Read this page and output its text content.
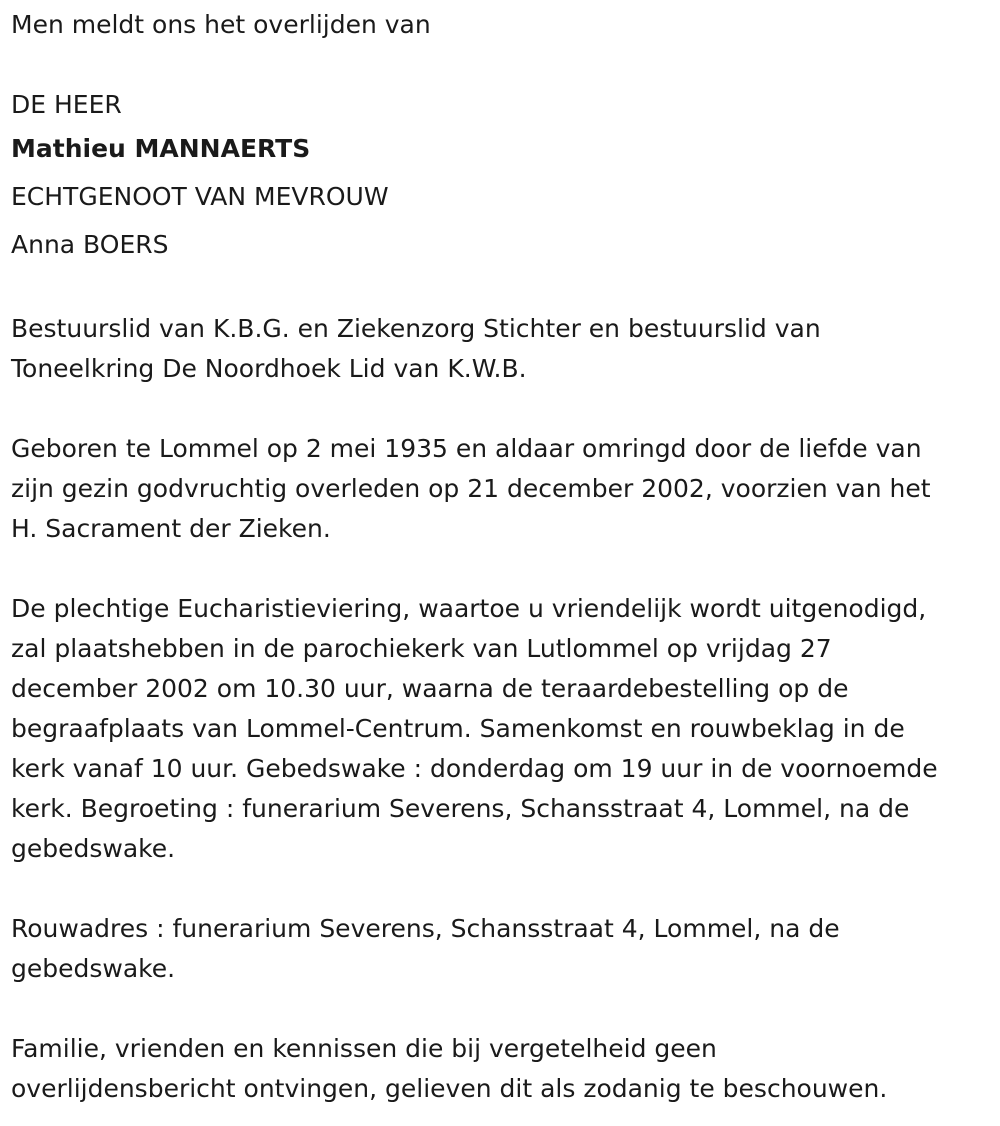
Men meldt ons het overlijden van
DE HEER
Mathieu MANNAERTS
ECHTGENOOT VAN MEVROUW
Anna BOERS
Bestuurslid van K.B.G. en Ziekenzorg Stichter en bestuurslid van
Toneelkring De Noordhoek Lid van K.W.B.
Geboren te Lommel op 2 mei 1935 en aldaar omringd door de liefde van
zijn gezin godvruchtig overleden op 21 december 2002, voorzien van het
H. Sacrament der Zieken.
De plechtige Eucharistieviering, waartoe u vriendelijk wordt uitgenodigd,
zal plaatshebben in de parochiekerk van Lutlommel op vrijdag 27
december 2002 om 10.30 uur, waarna de teraardebestelling op de
begraafplaats van Lommel-Centrum. Samenkomst en rouwbeklag in de
kerk vanaf 10 uur. Gebedswake : donderdag om 19 uur in de voornoemde
kerk. Begroeting : funerarium Severens, Schansstraat 4, Lommel, na de
gebedswake.
Rouwadres : funerarium Severens, Schansstraat 4, Lommel, na de
gebedswake.
Familie, vrienden en kennissen die bij vergetelheid geen
overlijdensbericht ontvingen, gelieven dit als zodanig te beschouwen.
